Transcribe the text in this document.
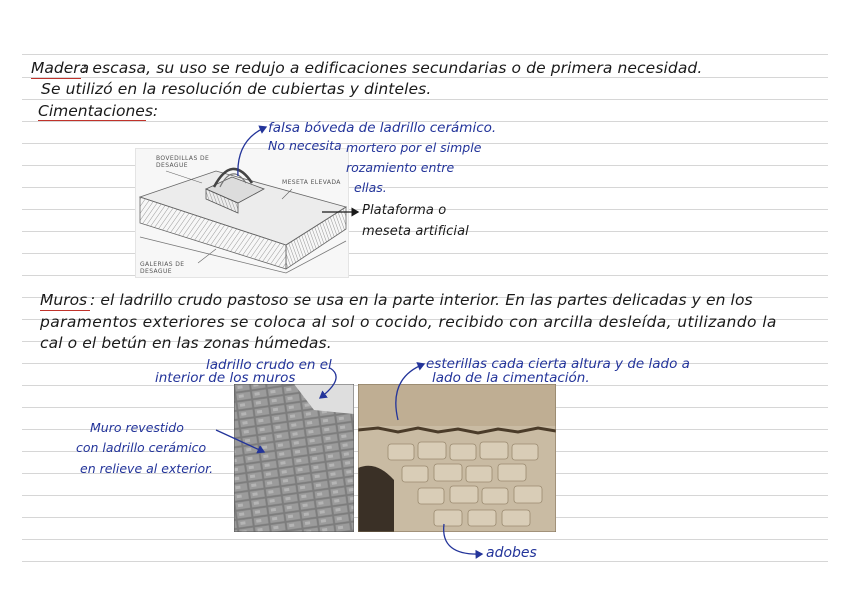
Madera
: escasa, su uso se redujo a edificaciones secundarias o de primera necesidad.
Se utilizó en la resolución de cubiertas y dinteles.
Cimentaciones:
BOVEDILLAS DE DESAGUE
MESETA ELEVADA
GALERIAS DE DESAGUE
falsa bóveda de ladrillo cerámico.
No necesita mortero por el simple
rozamiento entre
ellas.
Plataforma o
meseta artificial
Muros : el ladrillo crudo pastoso se usa en la parte interior. En las partes delicadas y en los
paramentos exteriores se coloca al sol o cocido, recibido con arcilla desleída, utilizando la
cal o el betún en las zonas húmedas.
ladrillo crudo en el
interior de los muros
esterillas cada cierta altura y de lado a
lado de la cimentación.
Muro revestido
con ladrillo cerámico
en relieve al exterior.
adobes
